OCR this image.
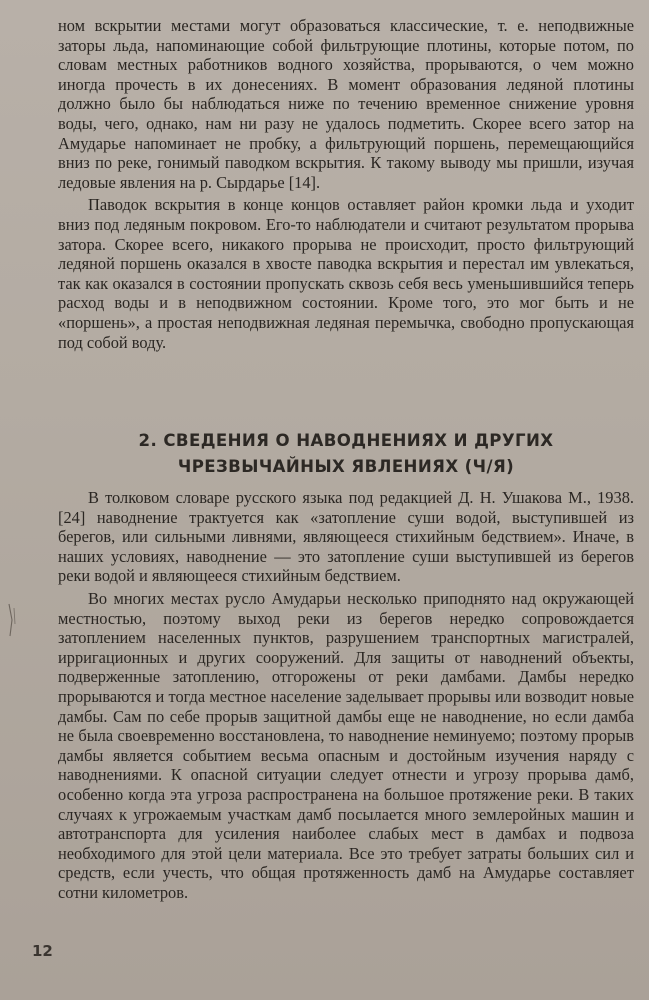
ном вскрытии местами могут образоваться классические, т. е. неподвижные заторы льда, напоминающие собой фильтрующие плотины, которые потом, по словам местных работников водного хозяйства, прорываются, о чем можно иногда прочесть в их донесениях. В момент образования ледяной плотины должно было бы наблюдаться ниже по течению временное снижение уровня воды, чего, однако, нам ни разу не удалось подметить. Скорее всего затор на Амударье напоминает не пробку, а фильтрующий поршень, перемещающийся вниз по реке, гонимый паводком вскрытия. К такому выводу мы пришли, изучая ледовые явления на р. Сырдарье [14].

Паводок вскрытия в конце концов оставляет район кромки льда и уходит вниз под ледяным покровом. Его-то наблюдатели и считают результатом прорыва затора. Скорее всего, никакого прорыва не происходит, просто фильтрующий ледяной поршень оказался в хвосте паводка вскрытия и перестал им увлекаться, так как оказался в состоянии пропускать сквозь себя весь уменьшившийся теперь расход воды и в неподвижном состоянии. Кроме того, это мог быть и не «поршень», а простая неподвижная ледяная перемычка, свободно пропускающая под собой воду.

2. СВЕДЕНИЯ О НАВОДНЕНИЯХ И ДРУГИХ
ЧРЕЗВЫЧАЙНЫХ ЯВЛЕНИЯХ (Ч/Я)

В толковом словаре русского языка под редакцией Д. Н. Ушакова М., 1938. [24] наводнение трактуется как «затопление суши водой, выступившей из берегов, или сильными ливнями, являющееся стихийным бедствием». Иначе, в наших условиях, наводнение — это затопление суши выступившей из берегов реки водой и являющееся стихийным бедствием.

Во многих местах русло Амударьи несколько приподнято над окружающей местностью, поэтому выход реки из берегов нередко сопровождается затоплением населенных пунктов, разрушением транспортных магистралей, ирригационных и других сооружений. Для защиты от наводнений объекты, подверженные затоплению, отгорожены от реки дамбами. Дамбы нередко прорываются и тогда местное население заделывает прорывы или возводит новые дамбы. Сам по себе прорыв защитной дамбы еще не наводнение, но если дамба не была своевременно восстановлена, то наводнение неминуемо; поэтому прорыв дамбы является событием весьма опасным и достойным изучения наряду с наводнениями. К опасной ситуации следует отнести и угрозу прорыва дамб, особенно когда эта угроза распространена на большое протяжение реки. В таких случаях к угрожаемым участкам дамб посылается много землеройных машин и автотранспорта для усиления наиболее слабых мест в дамбах и подвоза необходимого для этой цели материала. Все это требует затраты больших сил и средств, если учесть, что общая протяженность дамб на Амударье составляет сотни километров.

12
